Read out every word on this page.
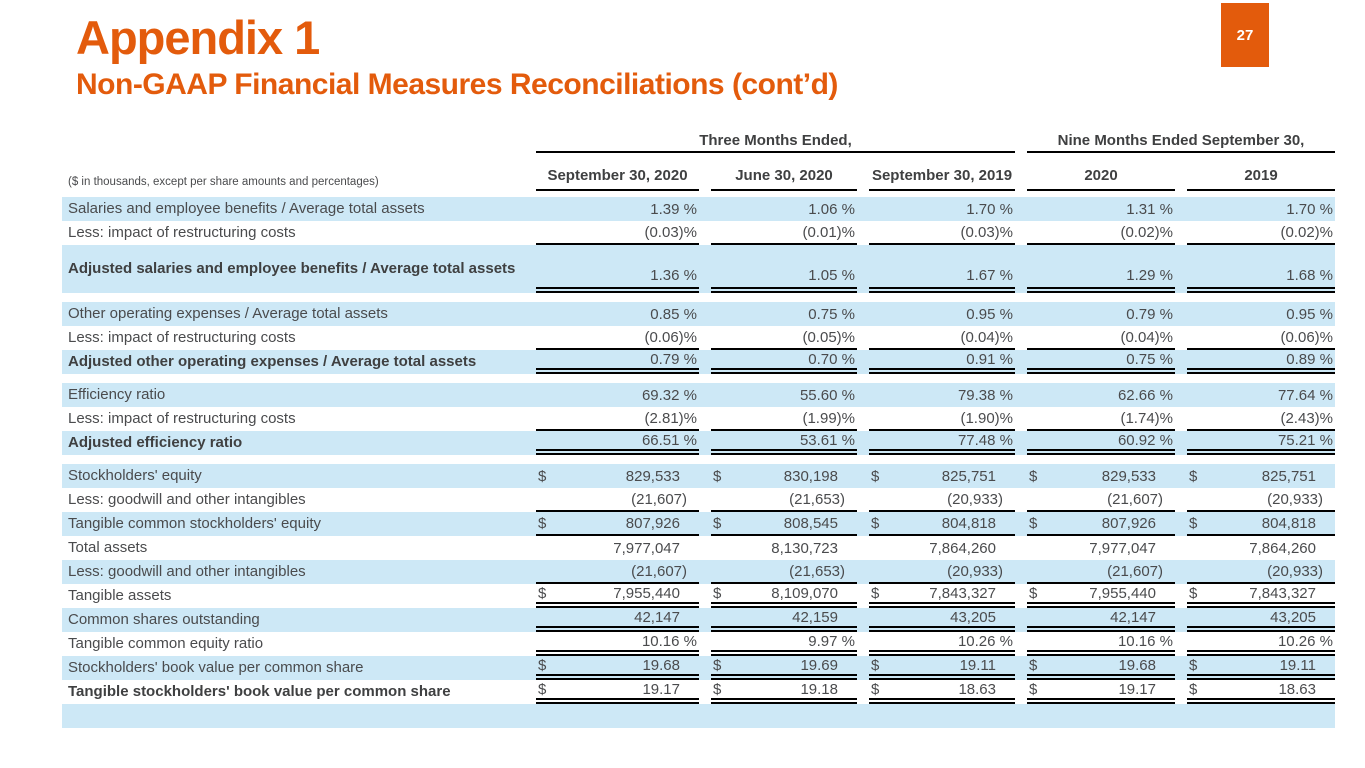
Appendix 1
Non-GAAP Financial Measures Reconciliations (cont’d)
27
Three Months Ended,	Nine Months Ended September 30,
($ in thousands, except per share amounts and percentages)	September 30, 2020	June 30, 2020	September 30, 2019	2020	2019
Salaries and employee benefits / Average total assets	1.39 %	1.06 %	1.70 %	1.31 %	1.70 %
Less: impact of restructuring costs	(0.03)%	(0.01)%	(0.03)%	(0.02)%	(0.02)%
Adjusted salaries and employee benefits / Average total assets	1.36 %	1.05 %	1.67 %	1.29 %	1.68 %
Other operating expenses / Average total assets	0.85 %	0.75 %	0.95 %	0.79 %	0.95 %
Less: impact of restructuring costs	(0.06)%	(0.05)%	(0.04)%	(0.04)%	(0.06)%
Adjusted other operating expenses / Average total assets	0.79 %	0.70 %	0.91 %	0.75 %	0.89 %
Efficiency ratio	69.32 %	55.60 %	79.38 %	62.66 %	77.64 %
Less: impact of restructuring costs	(2.81)%	(1.99)%	(1.90)%	(1.74)%	(2.43)%
Adjusted efficiency ratio	66.51 %	53.61 %	77.48 %	60.92 %	75.21 %
Stockholders' equity	$	829,533	$	830,198	$	825,751	$	829,533	$	825,751
Less: goodwill and other intangibles	(21,607)	(21,653)	(20,933)	(21,607)	(20,933)
Tangible common stockholders' equity	$	807,926	$	808,545	$	804,818	$	807,926	$	804,818
Total assets	7,977,047	8,130,723	7,864,260	7,977,047	7,864,260
Less: goodwill and other intangibles	(21,607)	(21,653)	(20,933)	(21,607)	(20,933)
Tangible assets	$	7,955,440	$	8,109,070	$	7,843,327	$	7,955,440	$	7,843,327
Common shares outstanding	42,147	42,159	43,205	42,147	43,205
Tangible common equity ratio	10.16 %	9.97 %	10.26 %	10.16 %	10.26 %
Stockholders' book value per common share	$	19.68	$	19.69	$	19.11	$	19.68	$	19.11
Tangible stockholders' book value per common share	$	19.17	$	19.18	$	18.63	$	19.17	$	18.63
